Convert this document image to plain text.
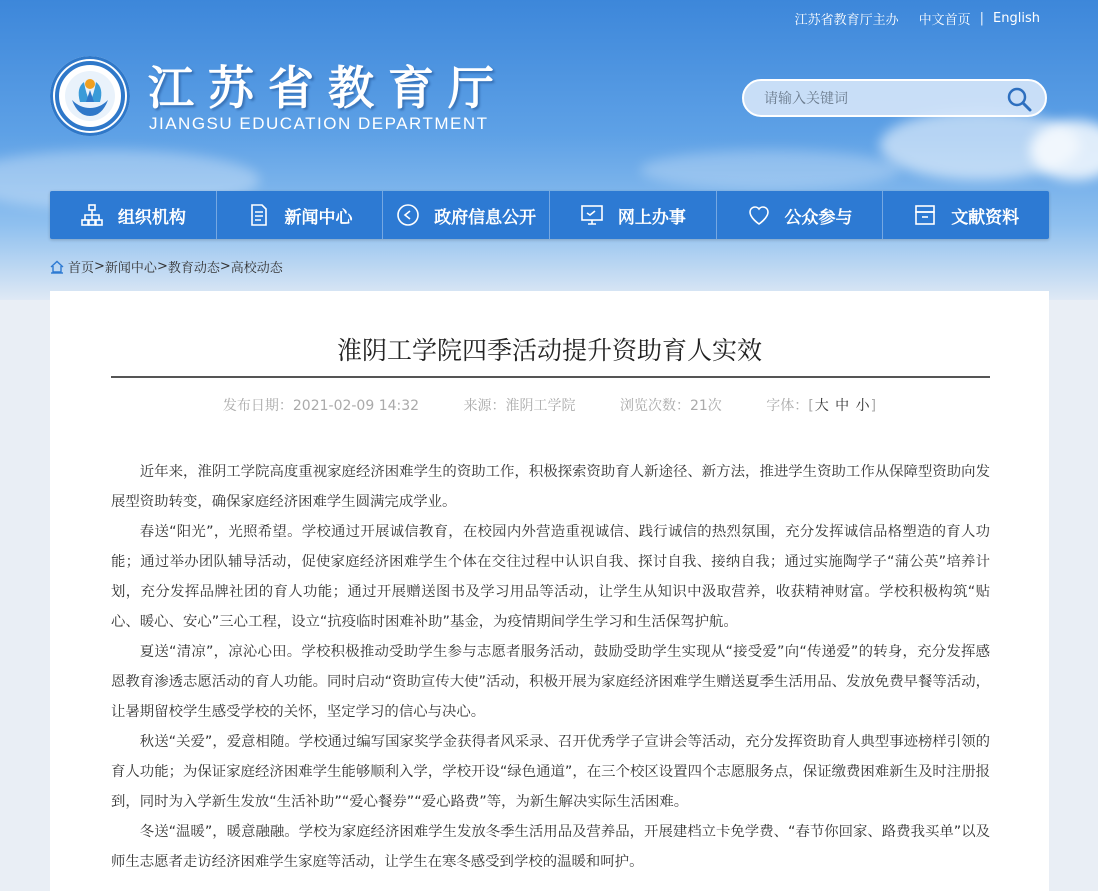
江苏省教育厅主办 中文首页 | English
江苏省教育厅
JIANGSU EDUCATION DEPARTMENT
请输入关键词
组织机构	新闻中心	政府信息公开	网上办事	公众参与	文献资料
首页 > 新闻中心 > 教育动态 > 高校动态
淮阴工学院四季活动提升资助育人实效
发布日期：2021-02-09 14:32	来源：淮阴工学院	浏览次数：21次	字体：[大 中 小]

近年来，淮阴工学院高度重视家庭经济困难学生的资助工作，积极探索资助育人新途径、新方法，推进学生资助工作从保障型资助向发展型资助转变，确保家庭经济困难学生圆满完成学业。

春送“阳光”，光照希望。学校通过开展诚信教育，在校园内外营造重视诚信、践行诚信的热烈氛围，充分发挥诚信品格塑造的育人功能；通过举办团队辅导活动，促使家庭经济困难学生个体在交往过程中认识自我、探讨自我、接纳自我；通过实施陶学子“蒲公英”培养计划，充分发挥品牌社团的育人功能；通过开展赠送图书及学习用品等活动，让学生从知识中汲取营养，收获精神财富。学校积极构筑“贴心、暖心、安心”三心工程，设立“抗疫临时困难补助”基金，为疫情期间学生学习和生活保驾护航。

夏送“清凉”，凉沁心田。学校积极推动受助学生参与志愿者服务活动，鼓励受助学生实现从“接受爱”向“传递爱”的转身，充分发挥感恩教育渗透志愿活动的育人功能。同时启动“资助宣传大使”活动，积极开展为家庭经济困难学生赠送夏季生活用品、发放免费早餐等活动，让暑期留校学生感受学校的关怀，坚定学习的信心与决心。

秋送“关爱”，爱意相随。学校通过编写国家奖学金获得者风采录、召开优秀学子宣讲会等活动，充分发挥资助育人典型事迹榜样引领的育人功能；为保证家庭经济困难学生能够顺利入学，学校开设“绿色通道”，在三个校区设置四个志愿服务点，保证缴费困难新生及时注册报到，同时为入学新生发放“生活补助”“爱心餐券”“爱心路费”等，为新生解决实际生活困难。

冬送“温暖”，暖意融融。学校为家庭经济困难学生发放冬季生活用品及营养品，开展建档立卡免学费、“春节你回家、路费我买单”以及师生志愿者走访经济困难学生家庭等活动，让学生在寒冬感受到学校的温暖和呵护。
